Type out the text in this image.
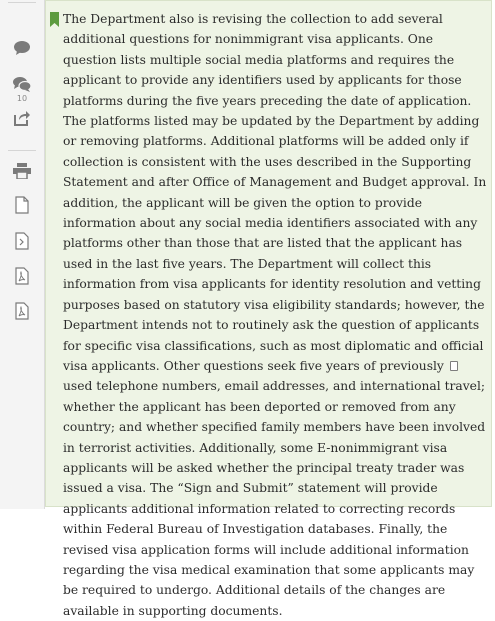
10

The Department also is revising the collection to add several additional questions for nonimmigrant visa applicants. One question lists multiple social media platforms and requires the applicant to provide any identifiers used by applicants for those platforms during the five years preceding the date of application. The platforms listed may be updated by the Department by adding or removing platforms. Additional platforms will be added only if collection is consistent with the uses described in the Supporting Statement and after Office of Management and Budget approval. In addition, the applicant will be given the option to provide information about any social media identifiers associated with any platforms other than those that are listed that the applicant has used in the last five years. The Department will collect this information from visa applicants for identity resolution and vetting purposes based on statutory visa eligibility standards; however, the Department intends not to routinely ask the question of applicants for specific visa classifications, such as most diplomatic and official visa applicants. Other questions seek five years of previously  used telephone numbers, email addresses, and international travel; whether the applicant has been deported or removed from any country; and whether specified family members have been involved in terrorist activities. Additionally, some E-nonimmigrant visa applicants will be asked whether the principal treaty trader was issued a visa. The “Sign and Submit” statement will provide applicants additional information related to correcting records within Federal Bureau of Investigation databases. Finally, the revised visa application forms will include additional information regarding the visa medical examination that some applicants may be required to undergo. Additional details of the changes are available in supporting documents.
